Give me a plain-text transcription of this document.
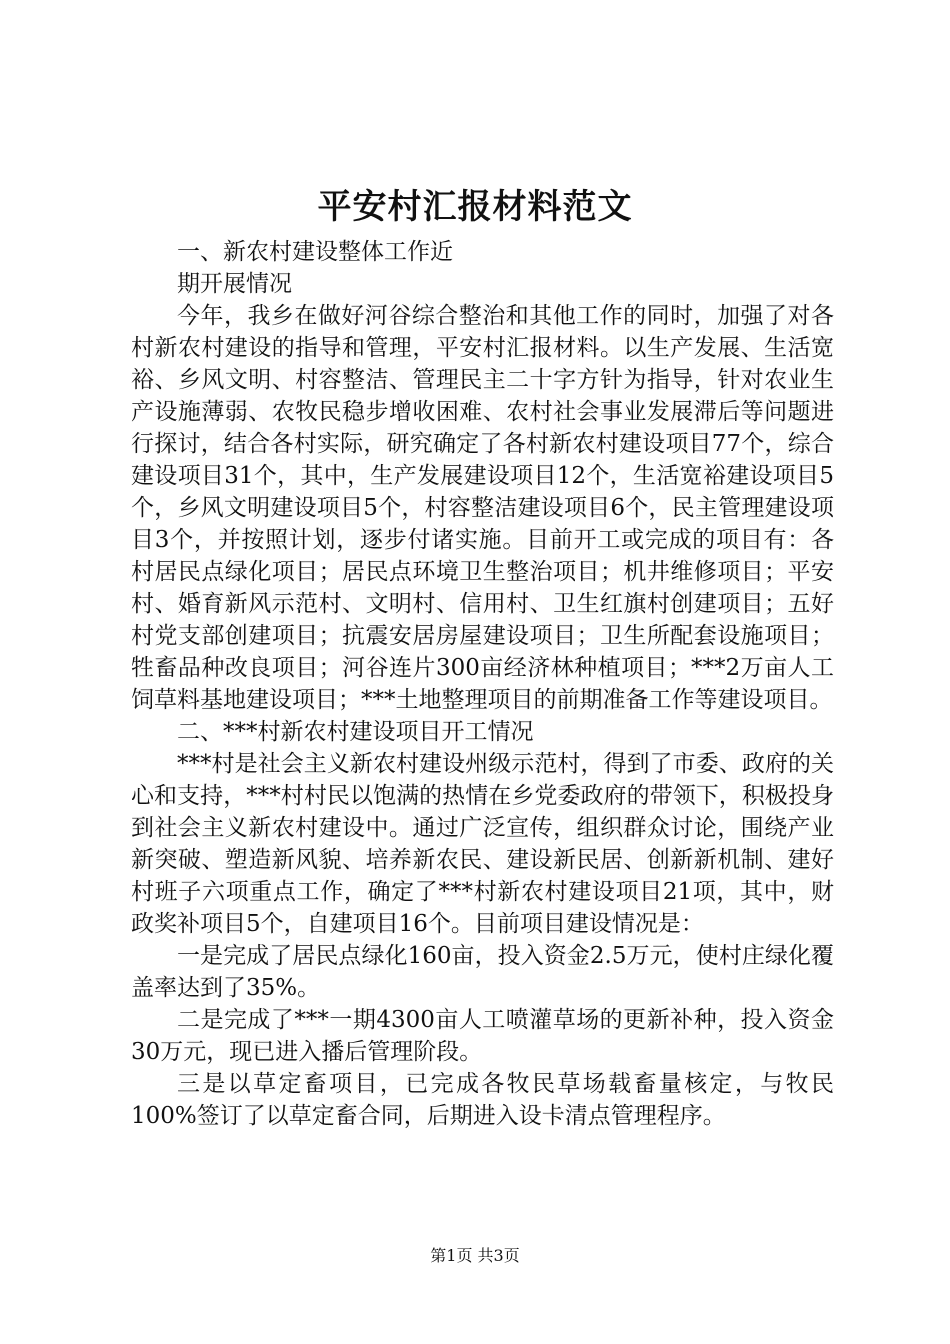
平安村汇报材料范文

一、新农村建设整体工作近

期开展情况

今年，我乡在做好河谷综合整治和其他工作的同时，加强了对各村新农村建设的指导和管理，平安村汇报材料。以生产发展、生活宽裕、乡风文明、村容整洁、管理民主二十字方针为指导，针对农业生产设施薄弱、农牧民稳步增收困难、农村社会事业发展滞后等问题进行探讨，结合各村实际，研究确定了各村新农村建设项目77个，综合建设项目31个，其中，生产发展建设项目12个，生活宽裕建设项目5个，乡风文明建设项目5个，村容整洁建设项目6个，民主管理建设项目3个，并按照计划，逐步付诸实施。目前开工或完成的项目有：各村居民点绿化项目；居民点环境卫生整治项目；机井维修项目；平安村、婚育新风示范村、文明村、信用村、卫生红旗村创建项目；五好村党支部创建项目；抗震安居房屋建设项目；卫生所配套设施项目；牲畜品种改良项目；河谷连片300亩经济林种植项目；***2万亩人工饲草料基地建设项目；***土地整理项目的前期准备工作等建设项目。

二、***村新农村建设项目开工情况

***村是社会主义新农村建设州级示范村，得到了市委、政府的关心和支持，***村村民以饱满的热情在乡党委政府的带领下，积极投身到社会主义新农村建设中。通过广泛宣传，组织群众讨论，围绕产业新突破、塑造新风貌、培养新农民、建设新民居、创新新机制、建好村班子六项重点工作，确定了***村新农村建设项目21项，其中，财政奖补项目5个，自建项目16个。目前项目建设情况是：

一是完成了居民点绿化160亩，投入资金2.5万元，使村庄绿化覆盖率达到了35%。

二是完成了***一期4300亩人工喷灌草场的更新补种，投入资金30万元，现已进入播后管理阶段。

三是以草定畜项目，已完成各牧民草场载畜量核定，与牧民100%签订了以草定畜合同，后期进入设卡清点管理程序。

第1页 共3页
